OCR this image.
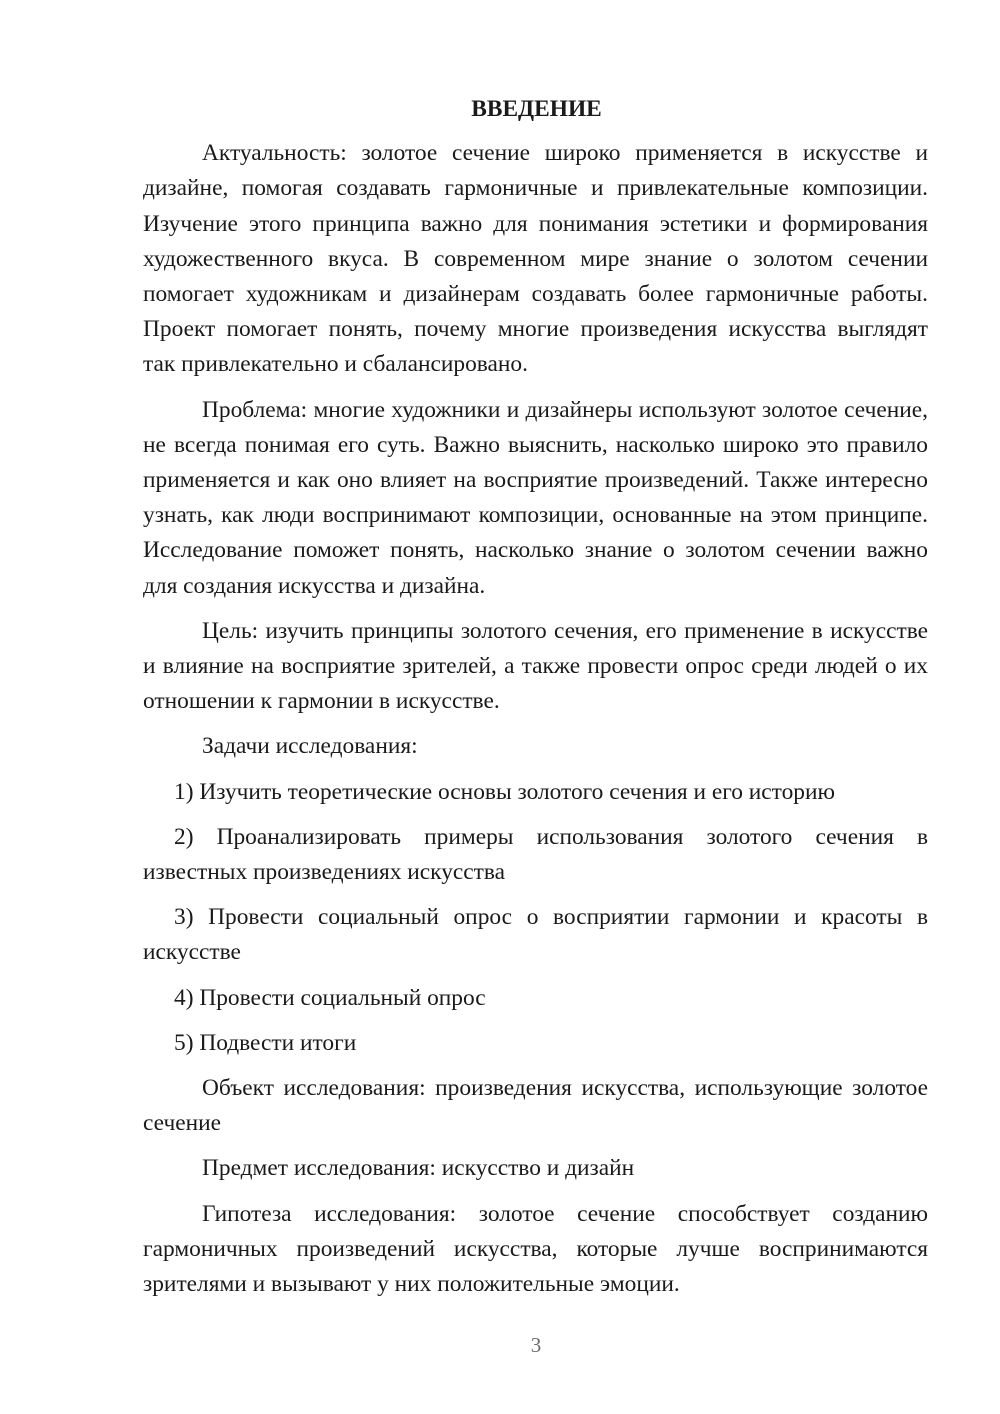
ВВЕДЕНИЕ

Актуальность: золотое сечение широко применяется в искусстве и дизайне, помогая создавать гармоничные и привлекательные композиции. Изучение этого принципа важно для понимания эстетики и формирования художественного вкуса. В современном мире знание о золотом сечении помогает художникам и дизайнерам создавать более гармоничные работы. Проект помогает понять, почему многие произведения искусства выглядят так привлекательно и сбалансировано.

Проблема: многие художники и дизайнеры используют золотое сечение, не всегда понимая его суть. Важно выяснить, насколько широко это правило применяется и как оно влияет на восприятие произведений. Также интересно узнать, как люди воспринимают композиции, основанные на этом принципе. Исследование поможет понять, насколько знание о золотом сечении важно для создания искусства и дизайна.

Цель: изучить принципы золотого сечения, его применение в искусстве и влияние на восприятие зрителей, а также провести опрос среди людей о их отношении к гармонии в искусстве.

Задачи исследования:

1) Изучить теоретические основы золотого сечения и его историю

2) Проанализировать примеры использования золотого сечения в известных произведениях искусства

3) Провести социальный опрос о восприятии гармонии и красоты в искусстве

4) Провести социальный опрос

5) Подвести итоги

Объект исследования: произведения искусства, использующие золотое сечение

Предмет исследования: искусство и дизайн

Гипотеза исследования: золотое сечение способствует созданию гармоничных произведений искусства, которые лучше воспринимаются зрителями и вызывают у них положительные эмоции.

3
